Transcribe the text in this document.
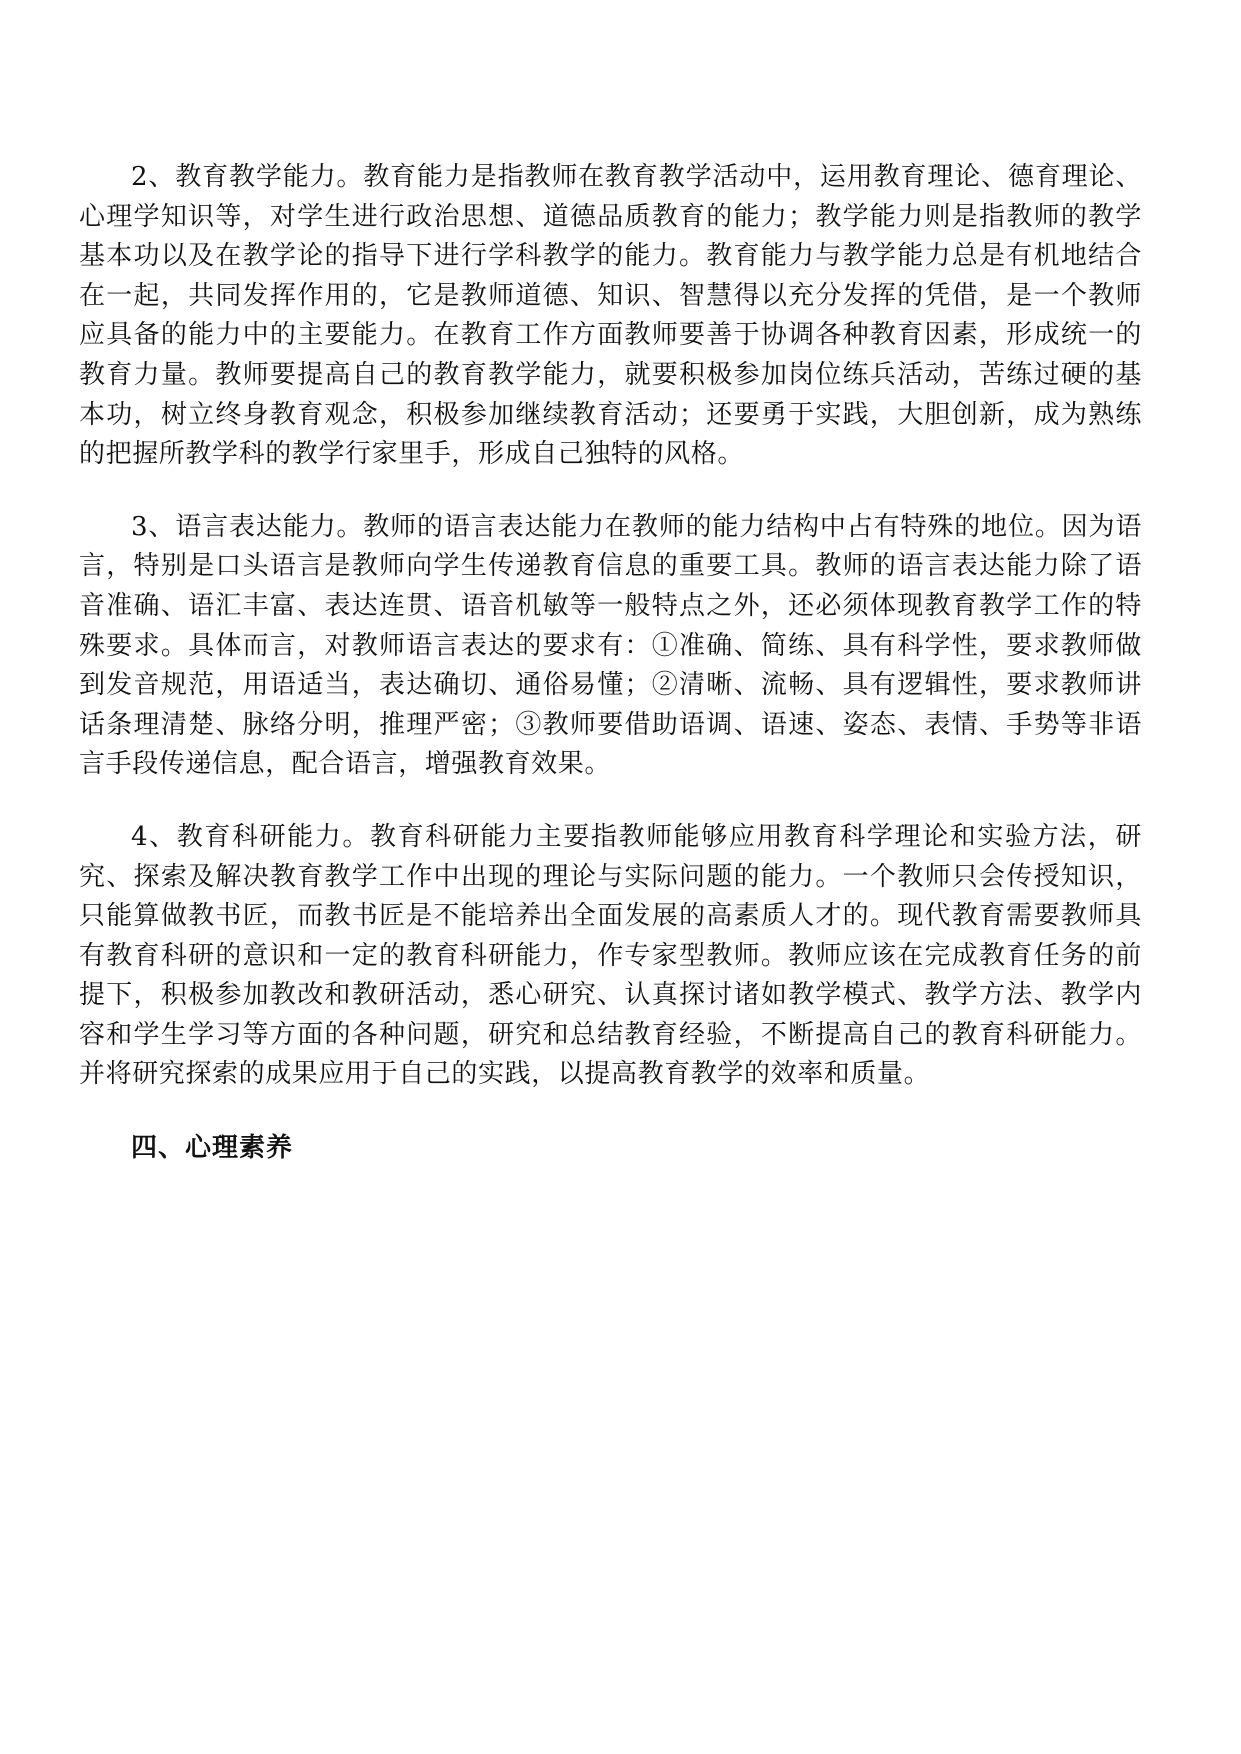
2、教育教学能力。教育能力是指教师在教育教学活动中，运用教育理论、德育理论、心理学知识等，对学生进行政治思想、道德品质教育的能力；教学能力则是指教师的教学基本功以及在教学论的指导下进行学科教学的能力。教育能力与教学能力总是有机地结合在一起，共同发挥作用的，它是教师道德、知识、智慧得以充分发挥的凭借，是一个教师应具备的能力中的主要能力。在教育工作方面教师要善于协调各种教育因素，形成统一的教育力量。教师要提高自己的教育教学能力，就要积极参加岗位练兵活动，苦练过硬的基本功，树立终身教育观念，积极参加继续教育活动；还要勇于实践，大胆创新，成为熟练的把握所教学科的教学行家里手，形成自己独特的风格。

3、语言表达能力。教师的语言表达能力在教师的能力结构中占有特殊的地位。因为语言，特别是口头语言是教师向学生传递教育信息的重要工具。教师的语言表达能力除了语音准确、语汇丰富、表达连贯、语音机敏等一般特点之外，还必须体现教育教学工作的特殊要求。具体而言，对教师语言表达的要求有：①准确、简练、具有科学性，要求教师做到发音规范，用语适当，表达确切、通俗易懂；②清晰、流畅、具有逻辑性，要求教师讲话条理清楚、脉络分明，推理严密；③教师要借助语调、语速、姿态、表情、手势等非语言手段传递信息，配合语言，增强教育效果。

4、教育科研能力。教育科研能力主要指教师能够应用教育科学理论和实验方法，研究、探索及解决教育教学工作中出现的理论与实际问题的能力。一个教师只会传授知识，只能算做教书匠，而教书匠是不能培养出全面发展的高素质人才的。现代教育需要教师具有教育科研的意识和一定的教育科研能力，作专家型教师。教师应该在完成教育任务的前提下，积极参加教改和教研活动，悉心研究、认真探讨诸如教学模式、教学方法、教学内容和学生学习等方面的各种问题，研究和总结教育经验，不断提高自己的教育科研能力。并将研究探索的成果应用于自己的实践，以提高教育教学的效率和质量。

四、心理素养
